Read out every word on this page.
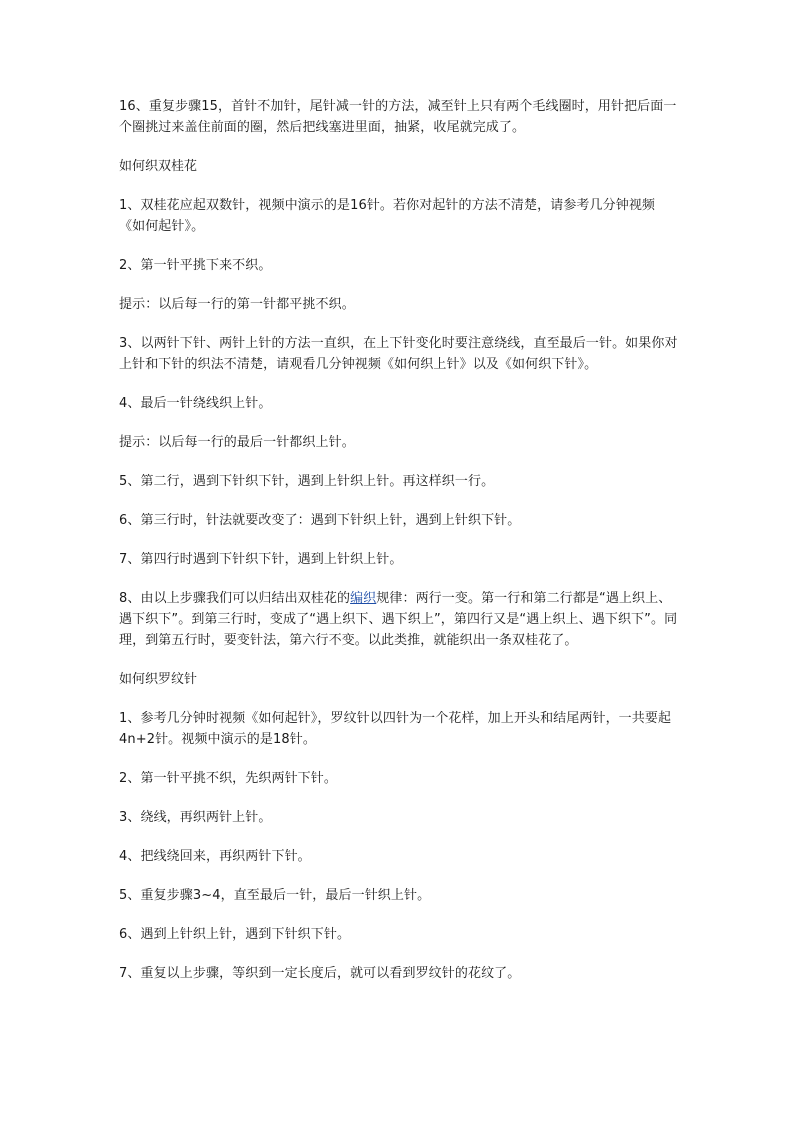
16、重复步骤15，首针不加针，尾针减一针的方法，减至针上只有两个毛线圈时，用针把后面一个圈挑过来盖住前面的圈，然后把线塞进里面，抽紧，收尾就完成了。

如何织双桂花

1、双桂花应起双数针，视频中演示的是16针。若你对起针的方法不清楚，请参考几分钟视频《如何起针》。

2、第一针平挑下来不织。

提示：以后每一行的第一针都平挑不织。

3、以两针下针、两针上针的方法一直织，在上下针变化时要注意绕线，直至最后一针。如果你对上针和下针的织法不清楚，请观看几分钟视频《如何织上针》以及《如何织下针》。

4、最后一针绕线织上针。

提示：以后每一行的最后一针都织上针。

5、第二行，遇到下针织下针，遇到上针织上针。再这样织一行。

6、第三行时，针法就要改变了：遇到下针织上针，遇到上针织下针。

7、第四行时遇到下针织下针，遇到上针织上针。

8、由以上步骤我们可以归结出双桂花的编织规律：两行一变。第一行和第二行都是“遇上织上、遇下织下”。到第三行时，变成了“遇上织下、遇下织上”，第四行又是“遇上织上、遇下织下”。同理，到第五行时，要变针法，第六行不变。以此类推，就能织出一条双桂花了。

如何织罗纹针

1、参考几分钟时视频《如何起针》，罗纹针以四针为一个花样，加上开头和结尾两针，一共要起4n+2针。视频中演示的是18针。

2、第一针平挑不织，先织两针下针。

3、绕线，再织两针上针。

4、把线绕回来，再织两针下针。

5、重复步骤3~4，直至最后一针，最后一针织上针。

6、遇到上针织上针，遇到下针织下针。

7、重复以上步骤，等织到一定长度后，就可以看到罗纹针的花纹了。
